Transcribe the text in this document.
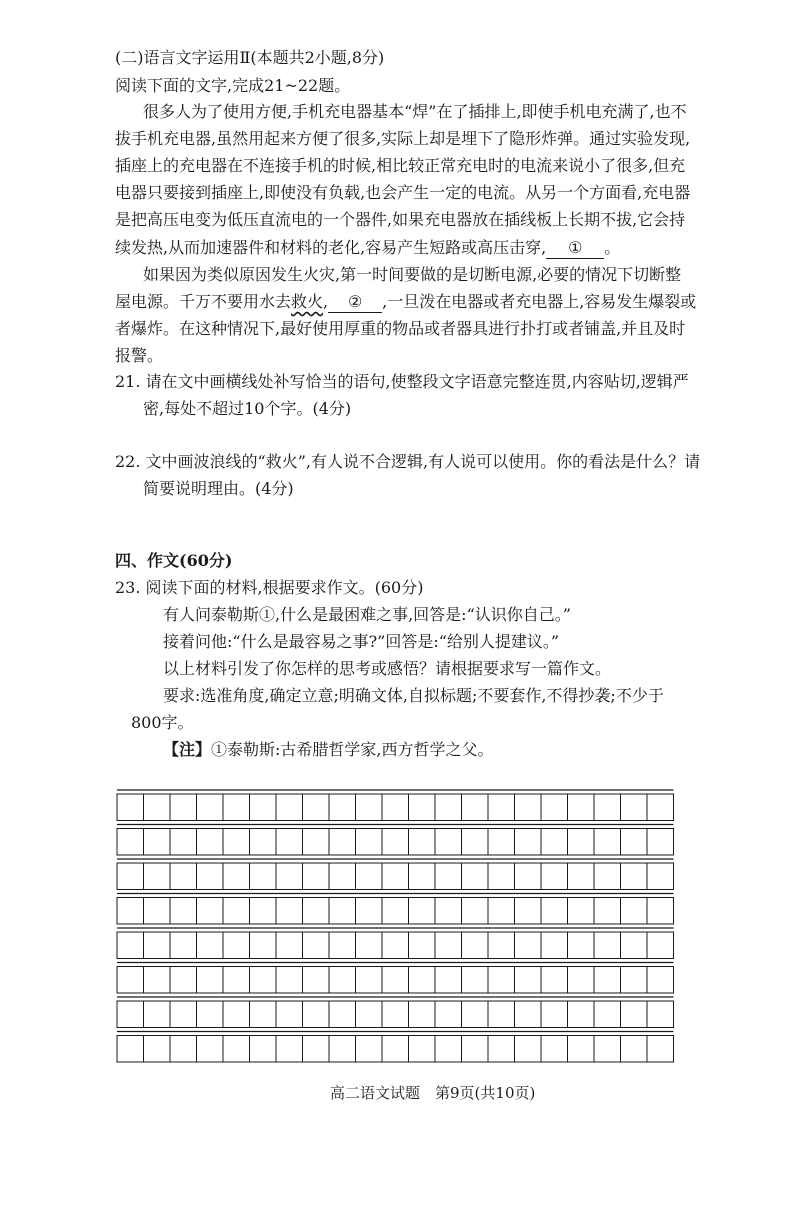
(二)语言文字运用Ⅱ(本题共2小题,8分)
阅读下面的文字,完成21~22题。
很多人为了使用方便,手机充电器基本“焊”在了插排上,即使手机电充满了,也不
拔手机充电器,虽然用起来方便了很多,实际上却是埋下了隐形炸弹。通过实验发现,
插座上的充电器在不连接手机的时候,相比较正常充电时的电流来说小了很多,但充
电器只要接到插座上,即使没有负载,也会产生一定的电流。从另一个方面看,充电器
是把高压电变为低压直流电的一个器件,如果充电器放在插线板上长期不拔,它会持
续发热,从而加速器件和材料的老化,容易产生短路或高压击穿, ① 。
如果因为类似原因发生火灾,第一时间要做的是切断电源,必要的情况下切断整
屋电源。千万不要用水去救火, ② ,一旦泼在电器或者充电器上,容易发生爆裂或
者爆炸。在这种情况下,最好使用厚重的物品或者器具进行扑打或者铺盖,并且及时
报警。
21. 请在文中画横线处补写恰当的语句,使整段文字语意完整连贯,内容贴切,逻辑严
密,每处不超过10个字。(4分)
22. 文中画波浪线的“救火”,有人说不合逻辑,有人说可以使用。你的看法是什么？请
简要说明理由。(4分)
四、作文(60分)
23. 阅读下面的材料,根据要求作文。(60分)
有人问泰勒斯①,什么是最困难之事,回答是:“认识你自己。”
接着问他:“什么是最容易之事?”回答是:“给别人提建议。”
以上材料引发了你怎样的思考或感悟？请根据要求写一篇作文。
要求:选准角度,确定立意;明确文体,自拟标题;不要套作,不得抄袭;不少于
800字。
【注】①泰勒斯:古希腊哲学家,西方哲学之父。
高二语文试题　第9页(共10页)
